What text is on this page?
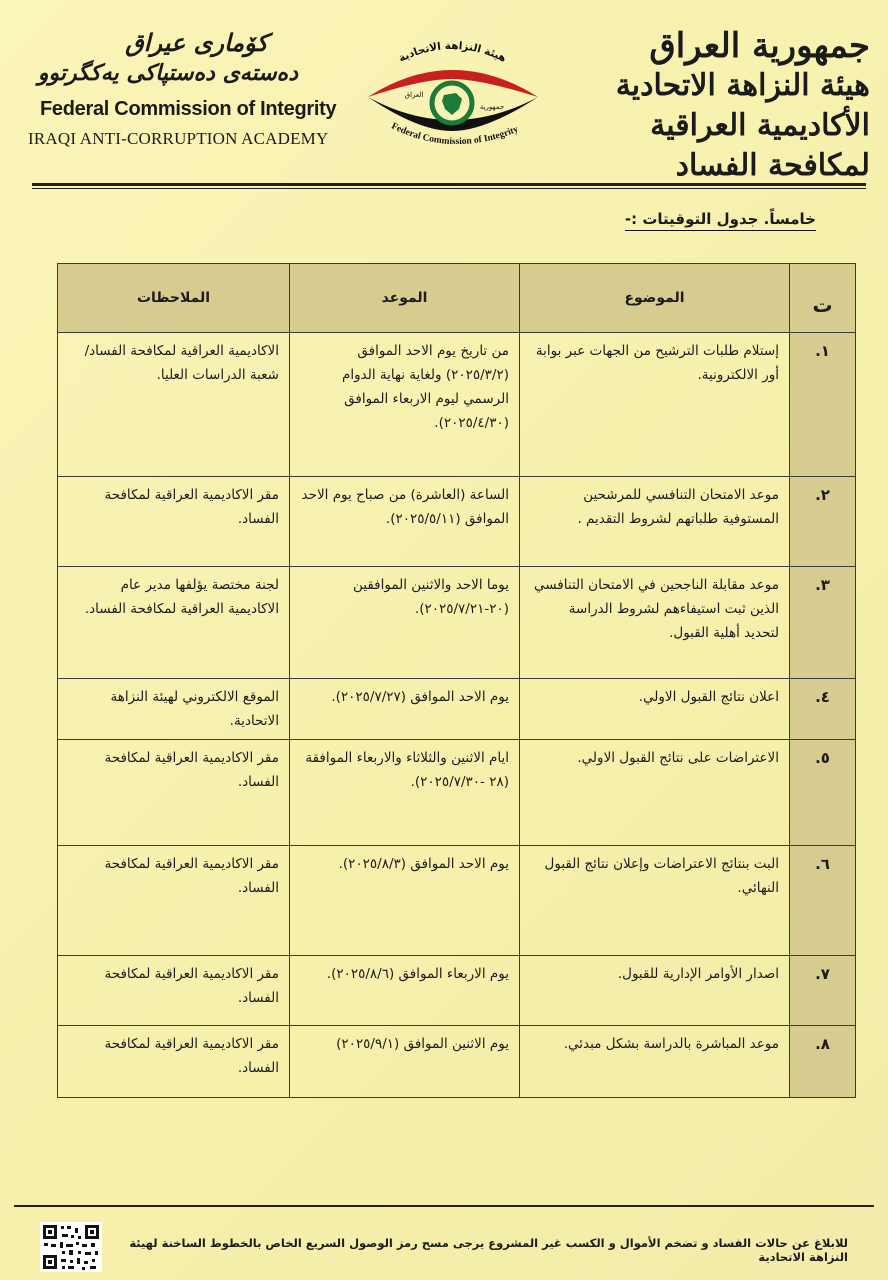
جمهورية العراق
هيئة النزاهة الاتحادية
الأكاديمية العراقية لمكافحة الفساد
هيئة النزاهة الاتحادية
جمهورية
العراق
Federal Commission of Integrity
كۆماری عيراق
دەستەی دەستپاكی یەكگرتوو
Federal Commission of Integrity
IRAQI ANTI-CORRUPTION ACADEMY
خامساً. جدول التوقيتات :-
ت	الموضوع	الموعد	الملاحظات
١.	إستلام طلبات الترشيح من الجهات عبر بوابة أور الالكترونية.	من تاريخ يوم الاحد الموافق (٢٠٢٥/٣/٢) ولغاية نهاية الدوام الرسمي ليوم الاربعاء الموافق (٢٠٢٥/٤/٣٠).	الاكاديمية العراقية لمكافحة الفساد/ شعبة الدراسات العليا.
٢.	موعد الامتحان التنافسي للمرشحين المستوفية طلباتهم لشروط التقديم .	الساعة (العاشرة) من صباح يوم الاحد الموافق (٢٠٢٥/٥/١١).	مقر الاكاديمية العراقية لمكافحة الفساد.
٣.	موعد مقابلة الناجحين في الامتحان التنافسي الذين ثبت استيفاءهم لشروط الدراسة لتحديد أهلية القبول.	يوما الاحد والاثنين الموافقين (٢٠-٢٠٢٥/٧/٢١).	لجنة مختصة يؤلفها مدير عام الاكاديمية العراقية لمكافحة الفساد.
٤.	اعلان نتائج القبول الاولي.	يوم الاحد الموافق (٢٠٢٥/٧/٢٧).	الموقع الالكتروني لهيئة النزاهة الاتحادية.
٥.	الاعتراضات على نتائج القبول الاولي.	ايام الاثنين والثلاثاء والاربعاء الموافقة (٢٨ -٢٠٢٥/٧/٣٠).	مقر الاكاديمية العراقية لمكافحة الفساد.
٦.	البت بنتائج الاعتراضات وإعلان نتائج القبول النهائي.	يوم الاحد الموافق (٢٠٢٥/٨/٣).	مقر الاكاديمية العراقية لمكافحة الفساد.
٧.	اصدار الأوامر الإدارية للقبول.	يوم الاربعاء الموافق (٢٠٢٥/٨/٦).	مقر الاكاديمية العراقية لمكافحة الفساد.
٨.	موعد المباشرة بالدراسة بشكل مبدئي.	يوم الاثنين الموافق (٢٠٢٥/٩/١)	مقر الاكاديمية العراقية لمكافحة الفساد.
للابلاغ عن حالات الفساد و تضخم الأموال و الكسب غير المشروع يرجى مسح رمز الوصول السريع الخاص بالخطوط الساخنة لهيئة النزاهة الاتحادية
